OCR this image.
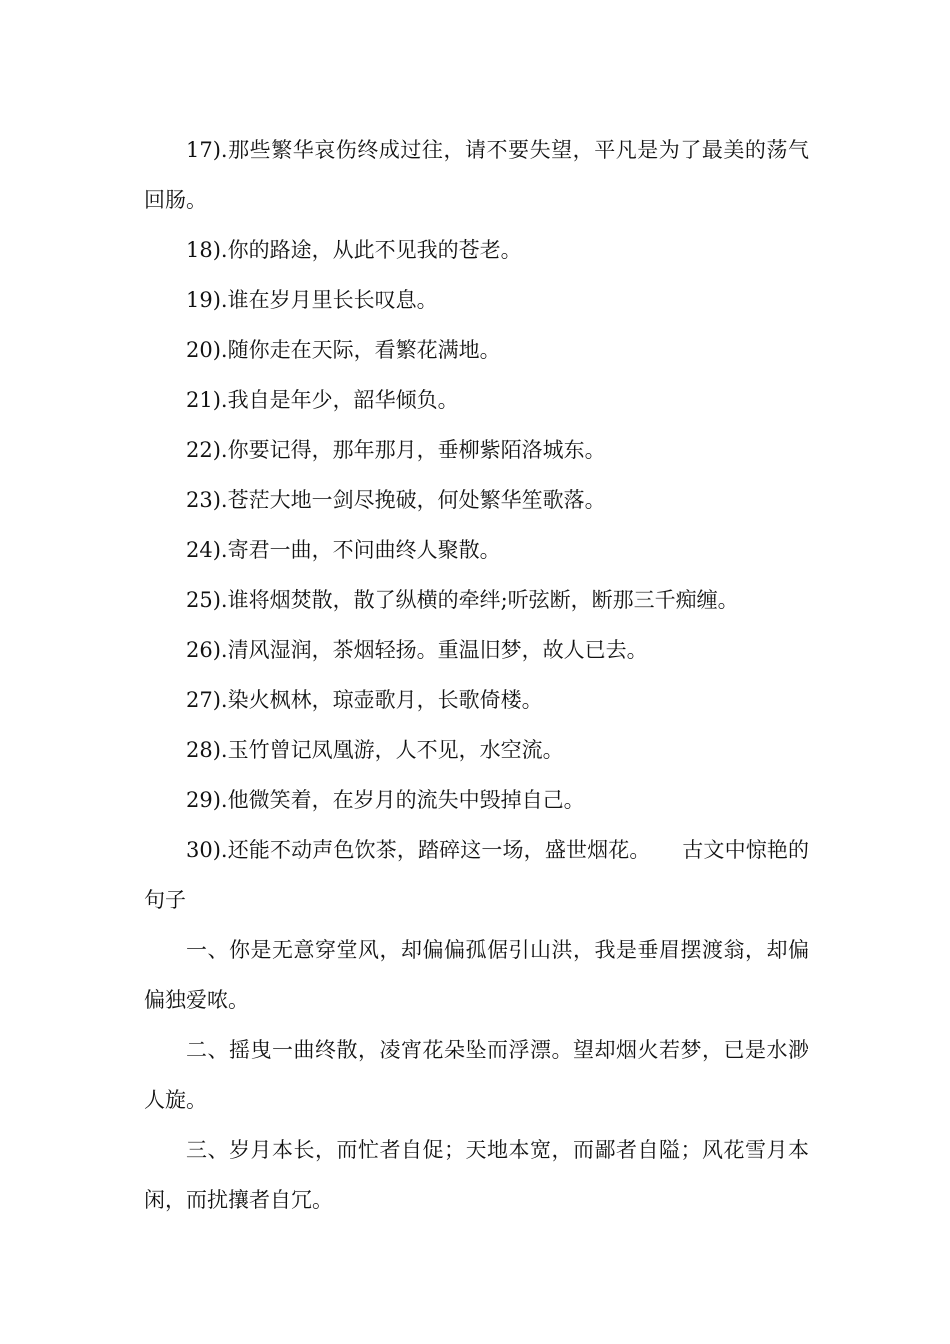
17).那些繁华哀伤终成过往，请不要失望，平凡是为了最美的荡气回肠。

18).你的路途，从此不见我的苍老。

19).谁在岁月里长长叹息。

20).随你走在天际，看繁花满地。

21).我自是年少，韶华倾负。

22).你要记得，那年那月，垂柳紫陌洛城东。

23).苍茫大地一剑尽挽破，何处繁华笙歌落。

24).寄君一曲，不问曲终人聚散。

25).谁将烟焚散，散了纵横的牵绊;听弦断，断那三千痴缠。

26).清风湿润，茶烟轻扬。重温旧梦，故人已去。

27).染火枫林，琼壶歌月，长歌倚楼。

28).玉竹曾记凤凰游，人不见，水空流。

29).他微笑着，在岁月的流失中毁掉自己。

30).还能不动声色饮茶，踏碎这一场，盛世烟花。　　古文中惊艳的句子

一、你是无意穿堂风，却偏偏孤倨引山洪，我是垂眉摆渡翁，却偏偏独爱哝。

二、摇曳一曲终散，凌宵花朵坠而浮漂。望却烟火若梦，已是水渺人旋。

三、岁月本长，而忙者自促；天地本宽，而鄙者自隘；风花雪月本闲，而扰攘者自冗。
